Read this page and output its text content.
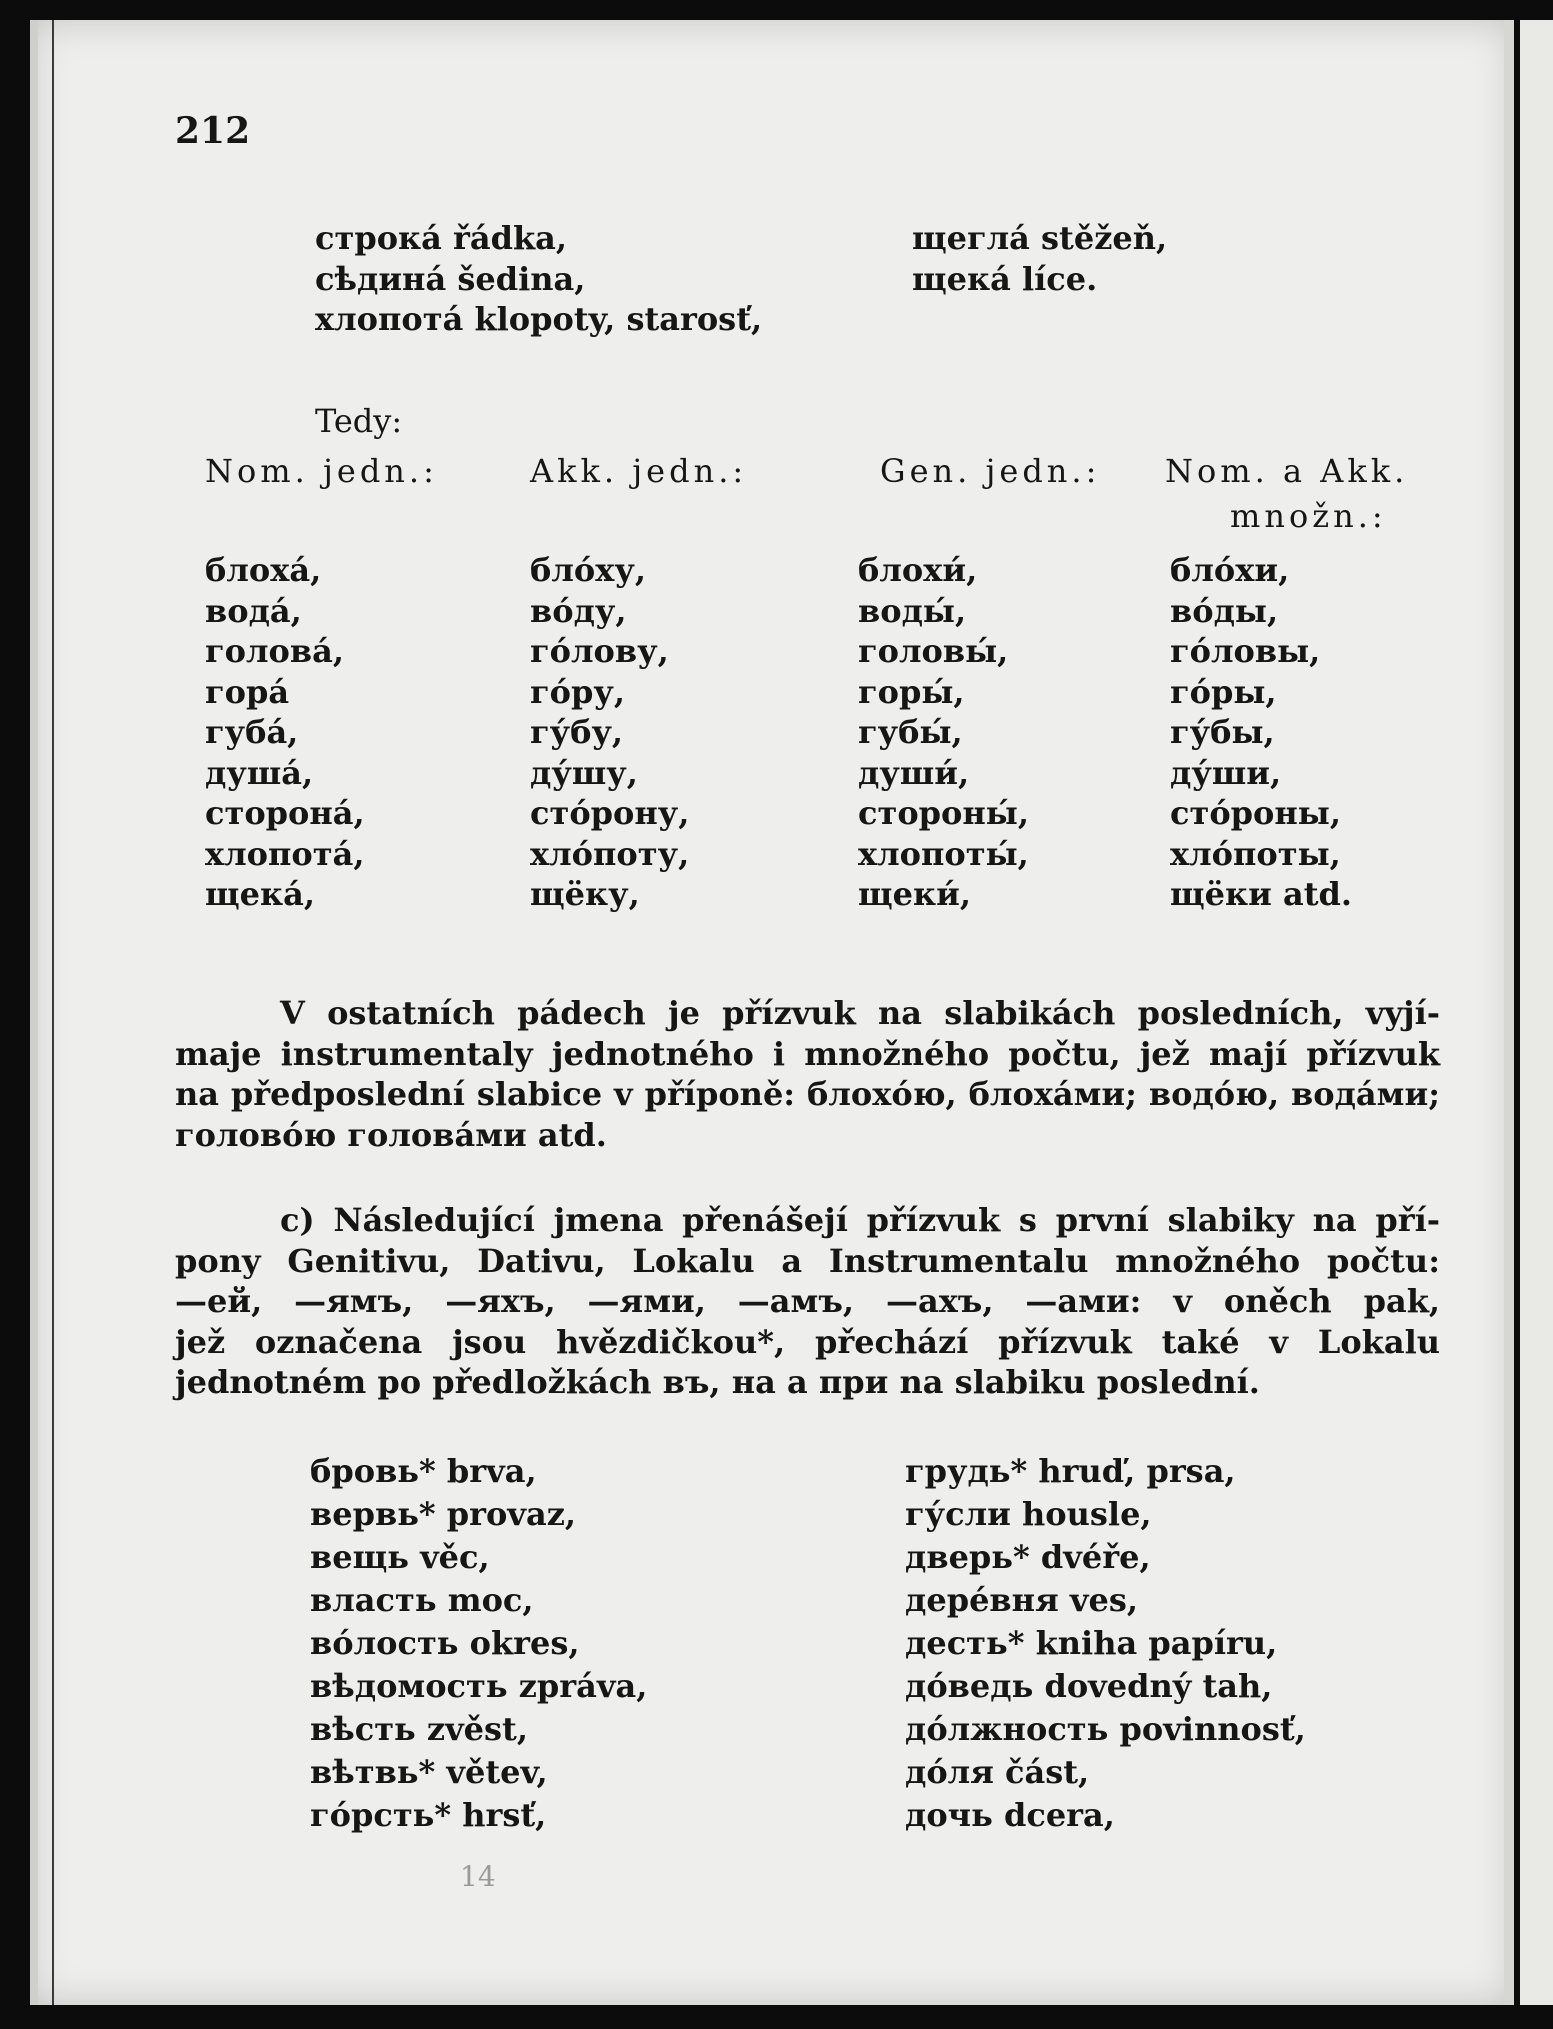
212
строка́ řádka,
сѣдина́ šedina,
хлопота́ klopoty, starosť,
щегла́ stěžeň,
щека́ líce.
Tedy:
Nom. jedn.:	Akk. jedn.:	Gen. jedn.: Nom. a Akk.
množn.:
блоха́,
вода́,
голова́,
гора́
губа́,
душа́,
сторона́,
хлопота́,
щека́,
бло́ху,
во́ду,
го́лову,
го́ру,
гу́бу,
ду́шу,
сто́рону,
хло́поту,
щёку,
блохи́,
воды́,
головы́,
горы́,
губы́,
души́,
стороны́,
хлопоты́,
щеки́,
бло́хи,
во́ды,
го́ловы,
го́ры,
гу́бы,
ду́ши,
сто́роны,
хло́поты,
щёки atd.
V ostatních pádech je přízvuk na slabikách posledních, vyjí-
maje instrumentaly jednotného i množného počtu, jež mají přízvuk
na předposlední slabice v příponě: блохо́ю, блоха́ми; водо́ю, вода́ми;
голово́ю голова́ми atd.
c) Následující jmena přenášejí přízvuk s první slabiky na pří-
pony Genitivu, Dativu, Lokalu a Instrumentalu množného počtu:
—ей, —ямъ, —яхъ, —ями, —амъ, —ахъ, —ами: v oněch pak,
jež označena jsou hvězdičkou*, přechází přízvuk také v Lokalu
jednotném po předložkách въ, на a при na slabiku poslední.
бровь* brva,
вервь* provaz,
вещь věc,
власть moc,
во́лость okres,
вѣдомость zpráva,
вѣсть zvěst,
вѣтвь* větev,
го́рсть* hrsť,
грудь* hruď, prsa,
гу́сли housle,
дверь* dvéře,
дере́вня ves,
десть* kniha papíru,
до́ведь dovedný tah,
до́лжность povinnosť,
до́ля část,
дочь dcera,
14
